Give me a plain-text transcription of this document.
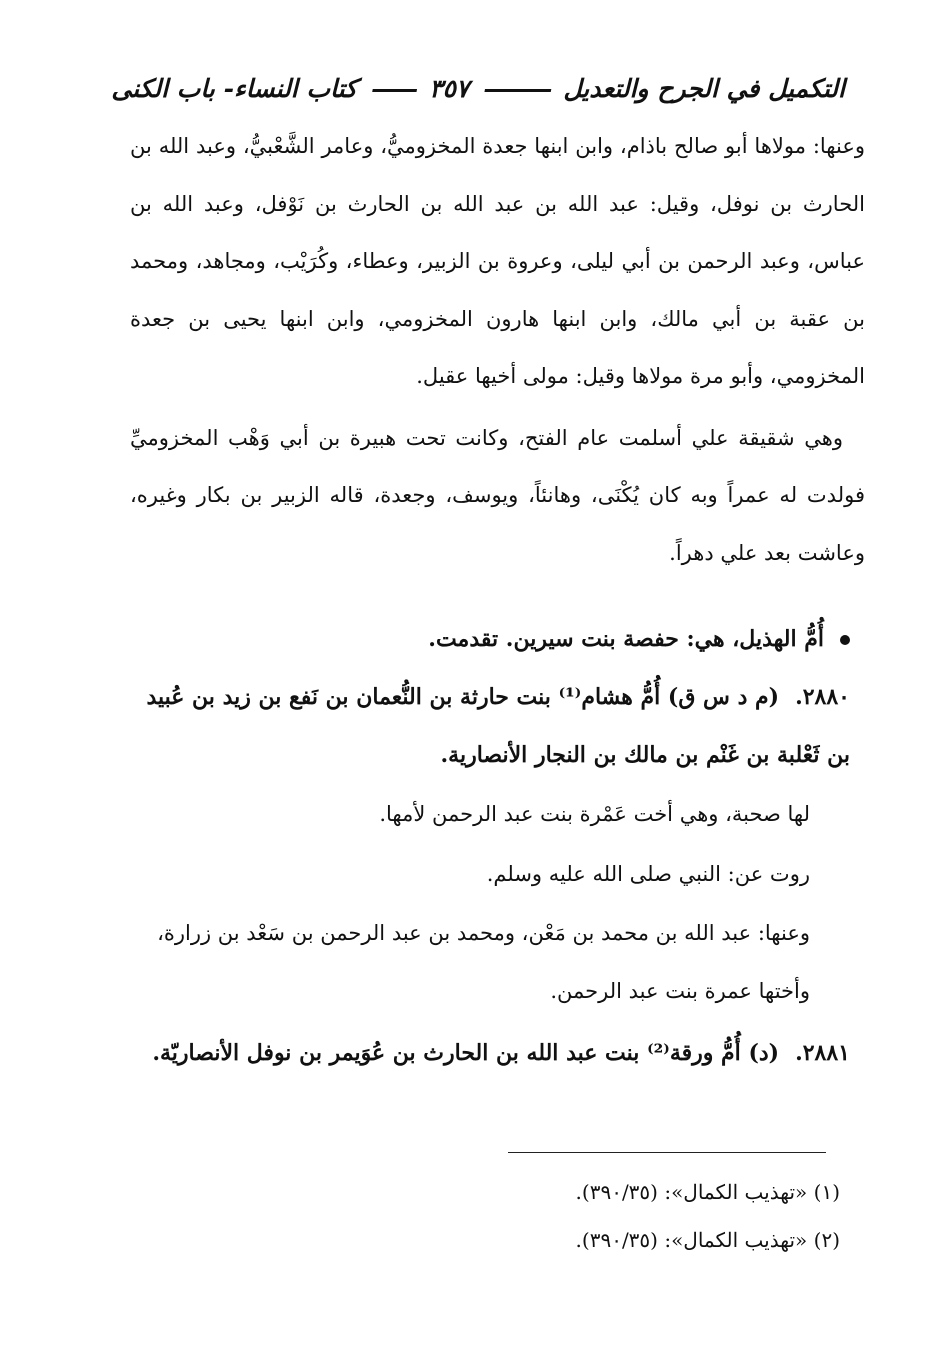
التكميل في الجرح والتعديل
———
٣٥٧
——
كتاب النساء- باب الكنى

وعنها: مولاها أبو صالح باذام، وابن ابنها جعدة المخزوميُّ، وعامر الشَّعْبيُّ، وعبد الله بن الحارث بن نوفل، وقيل: عبد الله بن عبد الله بن الحارث بن نَوْفل، وعبد الله بن عباس، وعبد الرحمن بن أبي ليلى، وعروة بن الزبير، وعطاء، وكُرَيْب، ومجاهد، ومحمد بن عقبة بن أبي مالك، وابن ابنها هارون المخزومي، وابن ابنها يحيى بن جعدة المخزومي، وأبو مرة مولاها وقيل: مولى أخيها عقيل.

وهي شقيقة علي أسلمت عام الفتح، وكانت تحت هبيرة بن أبي وَهْب المخزوميِّ فولدت له عمراً وبه كان يُكْنَى، وهانئاً، ويوسف، وجعدة، قاله الزبير بن بكار وغيره، وعاشت بعد علي دهراً.

أُمُّ الهذيل، هي: حفصة بنت سيرين. تقدمت.
٢٨٨٠.(م د س ق) أُمُّ هشام⁽¹⁾ بنت حارثة بن النُّعمان بن نَفع بن زيد بن عُبيد بن ثَعْلبة بن غَنْم بن مالك بن النجار الأنصارية.
لها صحبة، وهي أخت عَمْرة بنت عبد الرحمن لأمها.
روت عن: النبي صلى الله عليه وسلم.
وعنها: عبد الله بن محمد بن مَعْن، ومحمد بن عبد الرحمن بن سَعْد بن زرارة، وأختها عمرة بنت عبد الرحمن.
٢٨٨١.(د) أُمُّ ورقة⁽²⁾ بنت عبد الله بن الحارث بن عُوَيمر بن نوفل الأنصاريّة.
(١) «تهذيب الكمال»: (٣٩٠/٣٥).
(٢) «تهذيب الكمال»: (٣٩٠/٣٥).
